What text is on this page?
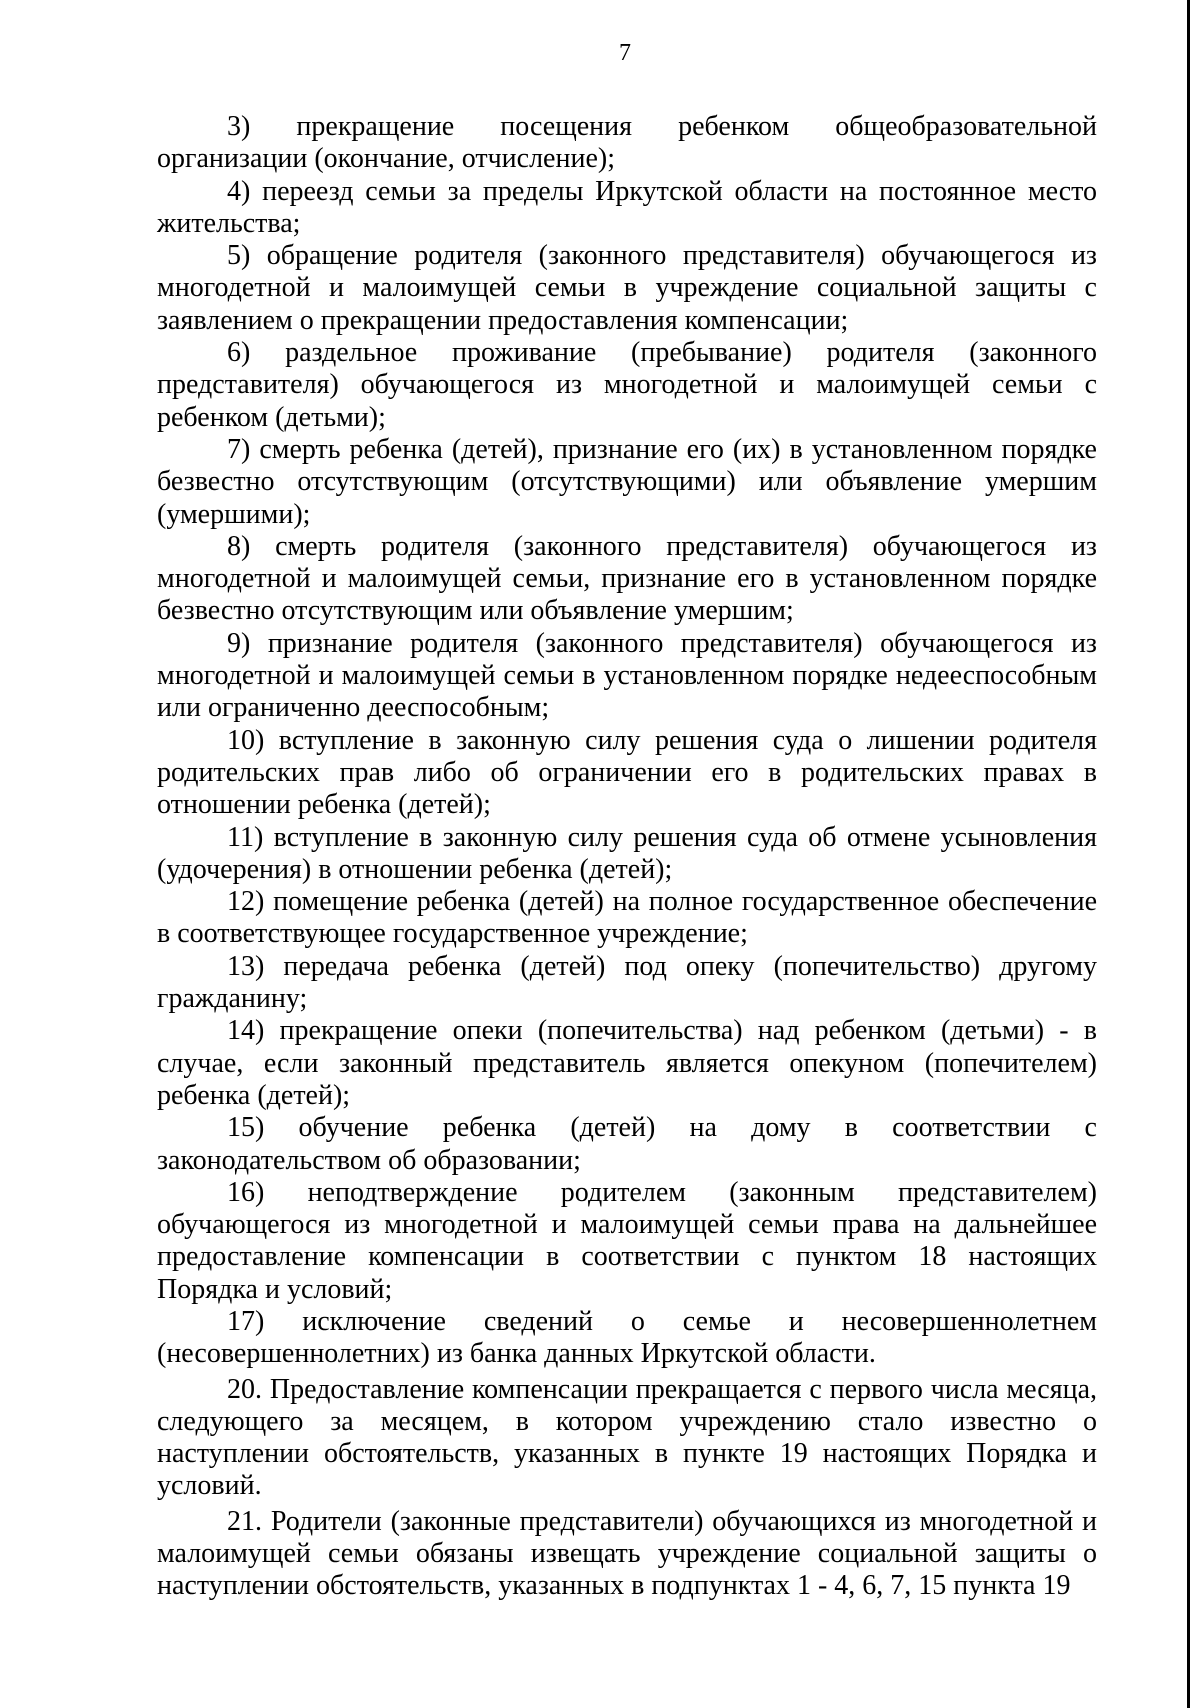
7

3) прекращение посещения ребенком общеобразовательной организации (окончание, отчисление);

4) переезд семьи за пределы Иркутской области на постоянное место жительства;

5) обращение родителя (законного представителя) обучающегося из многодетной и малоимущей семьи в учреждение социальной защиты с заявлением о прекращении предоставления компенсации;

6) раздельное проживание (пребывание) родителя (законного представителя) обучающегося из многодетной и малоимущей семьи с ребенком (детьми);

7) смерть ребенка (детей), признание его (их) в установленном порядке безвестно отсутствующим (отсутствующими) или объявление умершим (умершими);

8) смерть родителя (законного представителя) обучающегося из многодетной и малоимущей семьи, признание его в установленном порядке безвестно отсутствующим или объявление умершим;

9) признание родителя (законного представителя) обучающегося из многодетной и малоимущей семьи в установленном порядке недееспособным или ограниченно дееспособным;

10) вступление в законную силу решения суда о лишении родителя родительских прав либо об ограничении его в родительских правах в отношении ребенка (детей);

11) вступление в законную силу решения суда об отмене усыновления (удочерения) в отношении ребенка (детей);

12) помещение ребенка (детей) на полное государственное обеспечение в соответствующее государственное учреждение;

13) передача ребенка (детей) под опеку (попечительство) другому гражданину;

14) прекращение опеки (попечительства) над ребенком (детьми) - в случае, если законный представитель является опекуном (попечителем) ребенка (детей);

15) обучение ребенка (детей) на дому в соответствии с законодательством об образовании;

16) неподтверждение родителем (законным представителем) обучающегося из многодетной и малоимущей семьи права на дальнейшее предоставление компенсации в соответствии с пунктом 18 настоящих Порядка и условий;

17) исключение сведений о семье и несовершеннолетнем (несовершеннолетних) из банка данных Иркутской области.

20. Предоставление компенсации прекращается с первого числа месяца, следующего за месяцем, в котором учреждению стало известно о наступлении обстоятельств, указанных в пункте 19 настоящих Порядка и условий.

21. Родители (законные представители) обучающихся из многодетной и малоимущей семьи обязаны извещать учреждение социальной защиты о наступлении обстоятельств, указанных в подпунктах 1 - 4, 6, 7, 15 пункта 19
